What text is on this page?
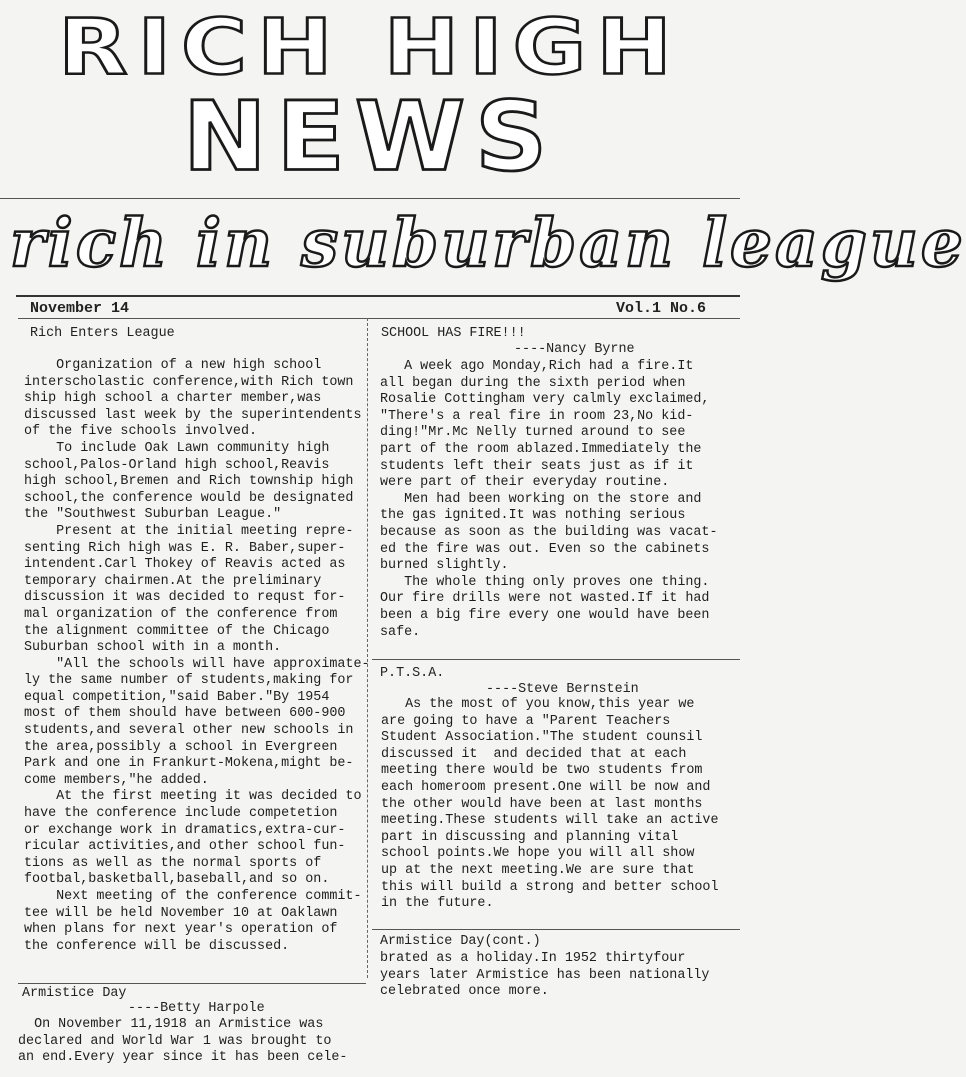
RICH HIGH
NEWS
rich in suburban league
November 14	Vol.1 No.6
Rich Enters League
Organization of a new high school
interscholastic conference,with Rich town
ship high school a charter member,was
discussed last week by the superintendents
of the five schools involved.
To include Oak Lawn community high
school,Palos-Orland high school,Reavis
high school,Bremen and Rich township high
school,the conference would be designated
the "Southwest Suburban League."
Present at the initial meeting repre-
senting Rich high was E. R. Baber,super-
intendent.Carl Thokey of Reavis acted as
temporary chairmen.At the preliminary
discussion it was decided to requst for-
mal organization of the conference from
the alignment committee of the Chicago
Suburban school with in a month.
"All the schools will have approximate-
ly the same number of students,making for
equal competition,"said Baber."By 1954
most of them should have between 600-900
students,and several other new schools in
the area,possibly a school in Evergreen
Park and one in Frankurt-Mokena,might be-
come members,"he added.
At the first meeting it was decided to
have the conference include competetion
or exchange work in dramatics,extra-cur-
ricular activities,and other school fun-
tions as well as the normal sports of
footbal,basketball,baseball,and so on.
Next meeting of the conference commit-
tee will be held November 10 at Oaklawn
when plans for next year's operation of
the conference will be discussed.
Armistice Day
----Betty Harpole
On November 11,1918 an Armistice was
declared and World War 1 was brought to
an end.Every year since it has been cele-
SCHOOL HAS FIRE!!!
----Nancy Byrne
A week ago Monday,Rich had a fire.It
all began during the sixth period when
Rosalie Cottingham very calmly exclaimed,
"There's a real fire in room 23,No kid-
ding!"Mr.Mc Nelly turned around to see
part of the room ablazed.Immediately the
students left their seats just as if it
were part of their everyday routine.
Men had been working on the store and
the gas ignited.It was nothing serious
because as soon as the building was vacat-
ed the fire was out. Even so the cabinets
burned slightly.
The whole thing only proves one thing.
Our fire drills were not wasted.If it had
been a big fire every one would have been
safe.
P.T.S.A.
----Steve Bernstein
As the most of you know,this year we
are going to have a "Parent Teachers
Student Association."The student counsil
discussed it  and decided that at each
meeting there would be two students from
each homeroom present.One will be now and
the other would have been at last months
meeting.These students will take an active
part in discussing and planning vital
school points.We hope you will all show
up at the next meeting.We are sure that
this will build a strong and better school
in the future.
Armistice Day(cont.)
brated as a holiday.In 1952 thirtyfour
years later Armistice has been nationally
celebrated once more.
